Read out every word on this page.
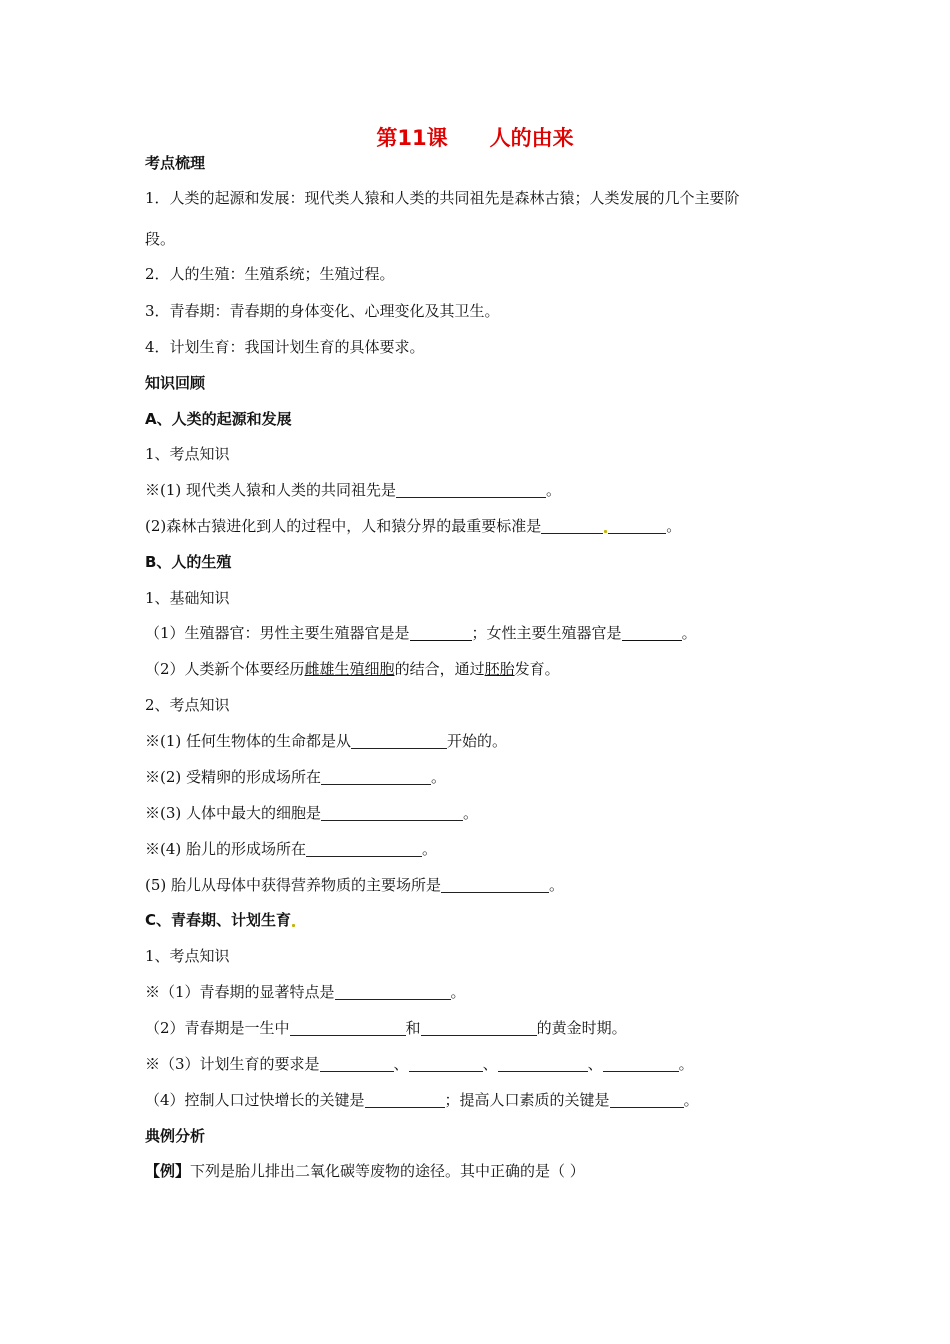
第11课　　人的由来
考点梳理
1．人类的起源和发展：现代类人猿和人类的共同祖先是森林古猿；人类发展的几个主要阶
段。
2．人的生殖：生殖系统；生殖过程。
3．青春期：青春期的身体变化、心理变化及其卫生。
4．计划生育：我国计划生育的具体要求。
知识回顾
A、人类的起源和发展
1、考点知识
※(1) 现代类人猿和人类的共同祖先是	。
(2)森林古猿进化到人的过程中，人和猿分界的最重要标准是	。
B、人的生殖
1、基础知识
（1）生殖器官：男性主要生殖器官是是	；女性主要生殖器官是	。
（2）人类新个体要经历雌雄生殖细胞的结合，通过胚胎发育。
2、考点知识
※(1) 任何生物体的生命都是从	开始的。
※(2) 受精卵的形成场所在	。
※(3) 人体中最大的细胞是	。
※(4) 胎儿的形成场所在	。
(5) 胎儿从母体中获得营养物质的主要场所是	。
C、青春期、计划生育
1、考点知识
※（1）青春期的显著特点是	。
（2）青春期是一生中	和	的黄金时期。
※（3）计划生育的要求是	、	、	、	。
（4）控制人口过快增长的关键是	；提高人口素质的关键是	。
典例分析
【例】下列是胎儿排出二氧化碳等废物的途径。其中正确的是（ ）
